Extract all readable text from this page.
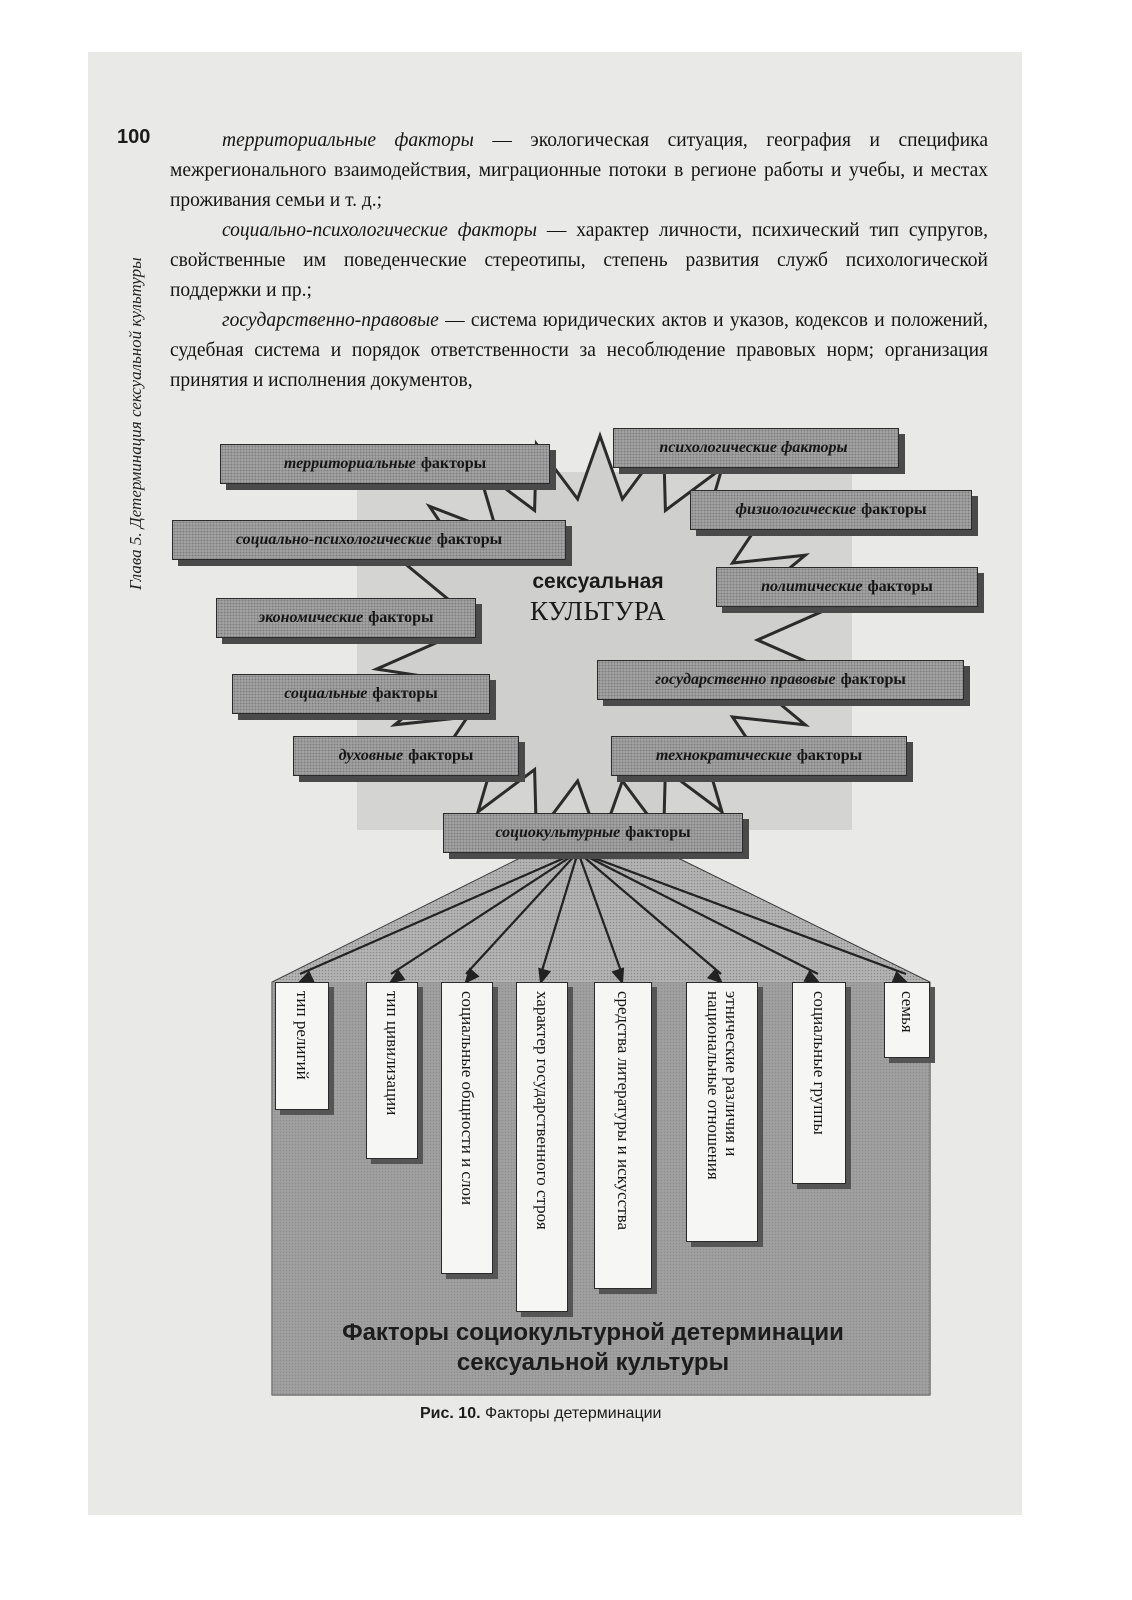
100
Глава 5. Детерминация сексуальной культуры

территориальные факторы — экологическая ситуация, география и специфика межрегионального взаимодействия, миграционные потоки в регионе работы и учебы, и местах проживания семьи и т. д.;

социально-психологические факторы — характер личности, психический тип супругов, свойственные им поведенческие стереотипы, степень развития служб психологической поддержки и пр.;

государственно-правовые — система юридических актов и указов, кодексов и положений, судебная система и порядок ответственности за несоблюдение правовых норм; организация принятия и исполнения документов,

территориальные факторы
психологические факторы
физиологические факторы
социально-психологические факторы
политические факторы
экономические факторы
государственно правовые факторы
социальные факторы
духовные факторы	технократические факторы
социокультурные факторы
сексуальная
КУЛЬТУРА
тип религий	тип цивилизации	социальные общности и слои	характер государственного строя	средства литературы и искусства	этнические различия и
национальные отношения	социальные группы	семья
Факторы социокультурной детерминации
сексуальной культуры
Рис. 10. Факторы детерминации
